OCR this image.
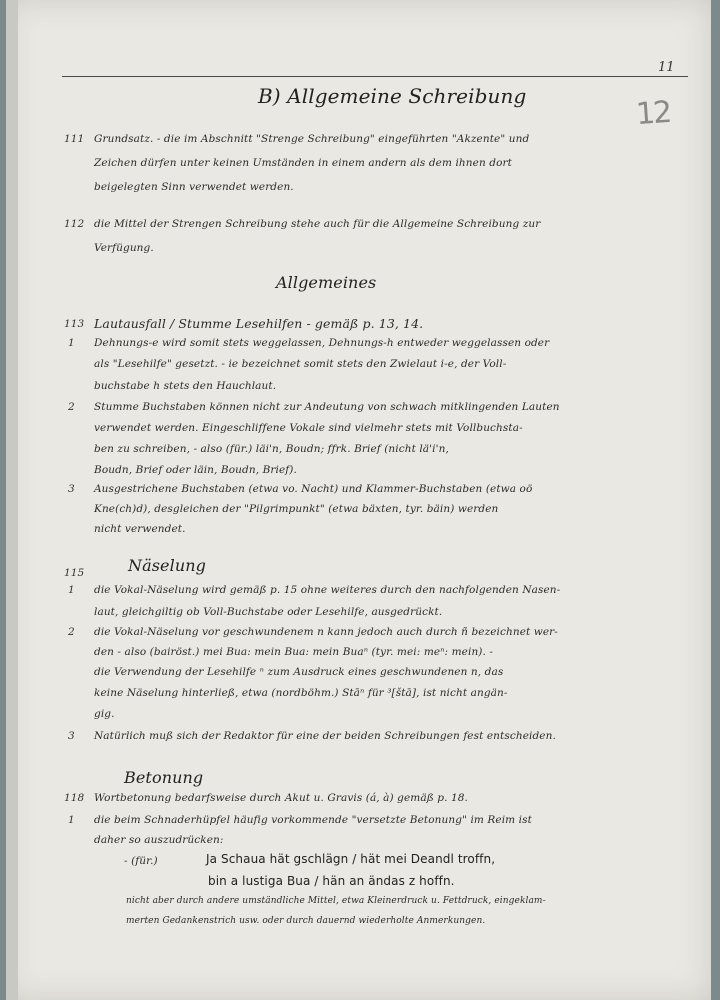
11
12
B) Allgemeine Schreibung
111 Grundsatz. - die im Abschnitt "Strenge Schreibung" eingeführten "Akzente" und
Zeichen dürfen unter keinen Umständen in einem andern als dem ihnen dort
beigelegten Sinn verwendet werden.
112 die Mittel der Strengen Schreibung stehe auch für die Allgemeine Schreibung zur
Verfügung.
Allgemeines
113 Lautausfall / Stumme Lesehilfen - gemäß p. 13, 14.
1 Dehnungs-e wird somit stets weggelassen, Dehnungs-h entweder weggelassen oder
als "Lesehilfe" gesetzt. - ie bezeichnet somit stets den Zwielaut i-e, der Voll-
buchstabe h stets den Hauchlaut.
2 Stumme Buchstaben können nicht zur Andeutung von schwach mitklingenden Lauten
verwendet werden. Eingeschliffene Vokale sind vielmehr stets mit Vollbuchsta-
ben zu schreiben, - also (für.) läi'n, Boudn; ffrk. Brief (nicht lä'i'n,
Boudn, Brief oder läin, Boudn, Brief).
3 Ausgestrichene Buchstaben (etwa vo. Nacht) und Klammer-Buchstaben (etwa oö
Kne(ch)d), desgleichen der "Pilgrimpunkt" (etwa bäxten, tyr. bäin) werden
nicht verwendet.
Näselung
115
1 die Vokal-Näselung wird gemäß p. 15 ohne weiteres durch den nachfolgenden Nasen-
laut, gleichgiltig ob Voll-Buchstabe oder Lesehilfe, ausgedrückt.
2 die Vokal-Näselung vor geschwundenem n kann jedoch auch durch ñ bezeichnet wer-
den - also (bairöst.) mei Bua: mein Bua: mein Buaⁿ (tyr. mei: meⁿ: mein). -
die Verwendung der Lesehilfe ⁿ zum Ausdruck eines geschwundenen n, das
keine Näselung hinterließ, etwa (nordböhm.) Stāⁿ für ³[štā], ist nicht angän-
gig.
3 Natürlich muß sich der Redaktor für eine der beiden Schreibungen fest entscheiden.
Betonung
118 Wortbetonung bedarfsweise durch Akut u. Gravis (á, à) gemäß p. 18.
1 die beim Schnaderhüpfel häufig vorkommende "versetzte Betonung" im Reim ist
daher so auszudrücken:
- (für.)	Ja Schaua hät gschlägn / hät mei Deandl troffn,
bin a lustiga Bua / hän an ändas z hoffn.
nicht aber durch andere umständliche Mittel, etwa Kleinerdruck u. Fettdruck, eingeklam-
merten Gedankenstrich usw. oder durch dauernd wiederholte Anmerkungen.
